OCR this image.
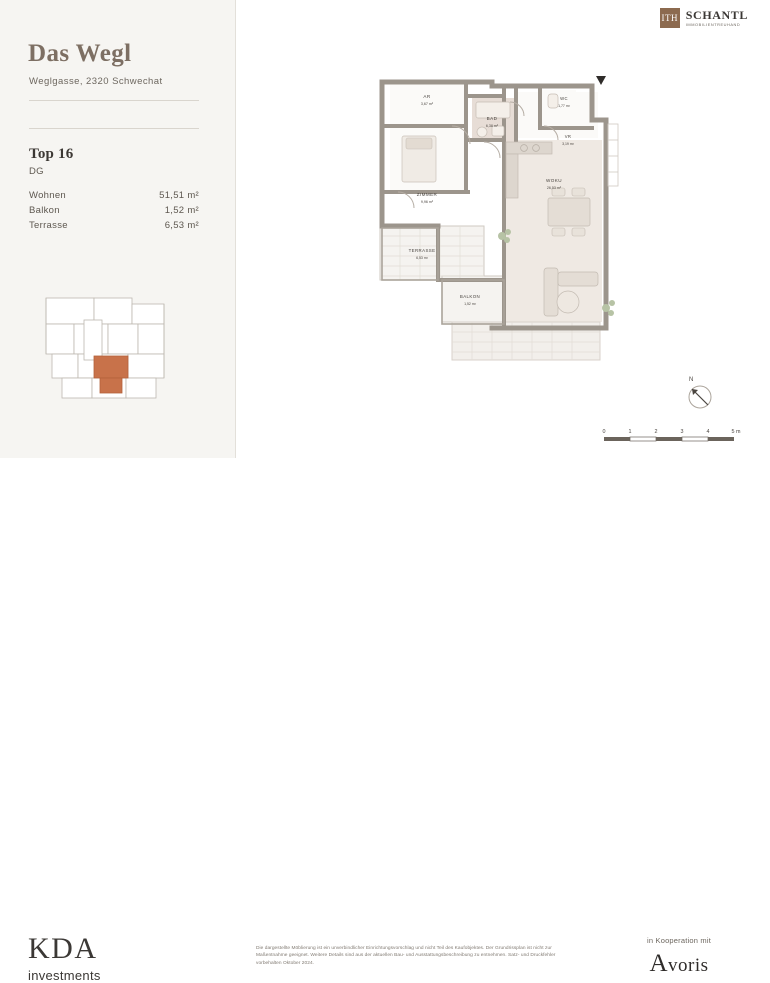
Das Wegl
Weglgasse, 2320 Schwechat
Top 16
DG
Wohnen	51,51 m²
Balkon	1,52 m²
Terrasse	6,53 m²
ITH SCHANTL
IMMOBILIENTREUHAND
AR
3,67 m²
ZIMMER
9,96 m²
BAD
6,38 m²
WC
1,77 m²
VR
3,19 m²
WOKU
26,53 m²
TERRASSE
6,53 m²
BALKON
1,52 m²
N
0	1	2	3	4	5 m
KDA
investments
Die dargestellte Möblierung ist ein unverbindlicher Einrichtungsvorschlag und nicht Teil des Kaufobjektes. Der Grundrissplan ist nicht zur Maßentnahme geeignet. Weitere Details sind aus der aktuellen Bau- und Ausstattungsbeschreibung zu entnehmen. Satz- und Druckfehler vorbehalten Oktober 2024.
in Kooperation mit
Avoris
